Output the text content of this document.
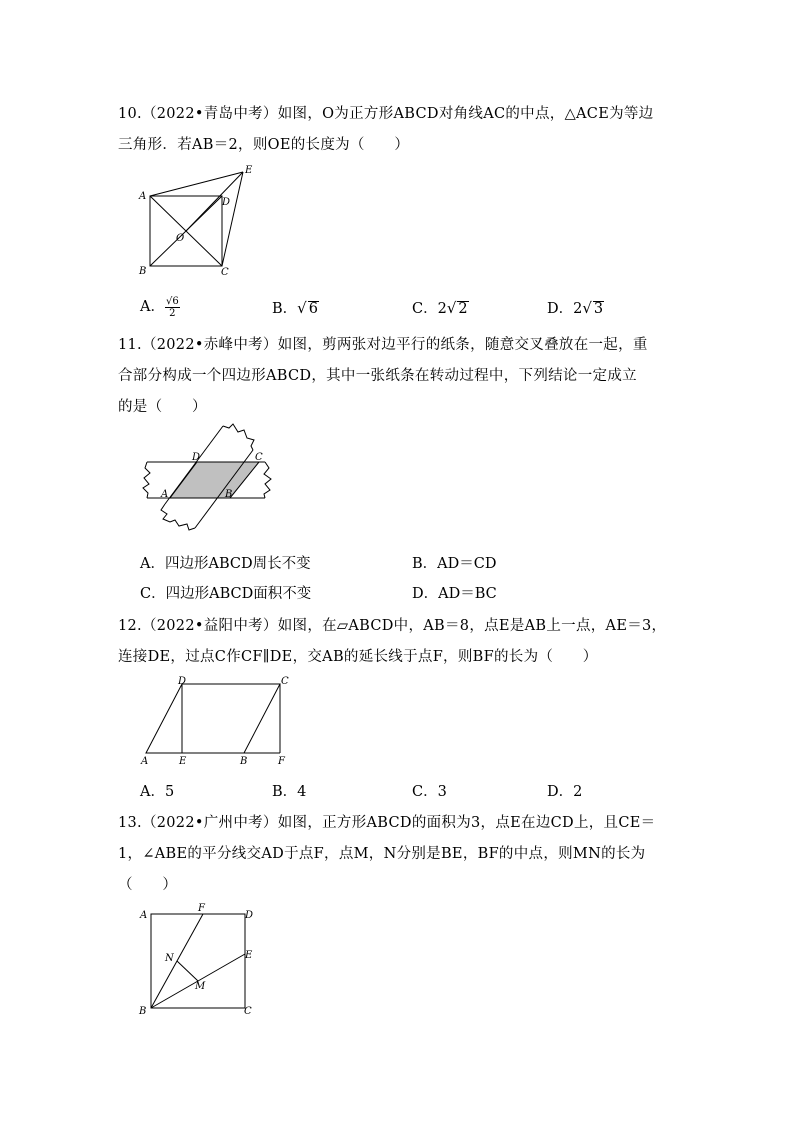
10.（2022•青岛中考）如图，O为正方形ABCD对角线AC的中点，△ACE为等边
三角形．若AB＝2，则OE的长度为（　　）
A
B	C
D
E
O
A． $\frac{√6}{2}$	B．√ 6	C．2√ 2	D．2√ 3
11.（2022•赤峰中考）如图，剪两张对边平行的纸条，随意交叉叠放在一起，重
合部分构成一个四边形ABCD，其中一张纸条在转动过程中，下列结论一定成立
的是（　　）
A	B
C
D
A．四边形ABCD周长不变	B．AD＝CD
C．四边形ABCD面积不变	D．AD＝BC
12.（2022•益阳中考）如图，在▱ABCD中，AB＝8，点E是AB上一点，AE＝3，
连接DE，过点C作CF∥DE，交AB的延长线于点F，则BF的长为（　　）
A	B
C
D
E	F
A．5	B．4	C．3	D．2
13.（2022•广州中考）如图，正方形ABCD的面积为3，点E在边CD上，且CE＝
1，∠ABE的平分线交AD于点F，点M，N分别是BE，BF的中点，则MN的长为
（　　）
A
B	C
D
E
F
M
N
